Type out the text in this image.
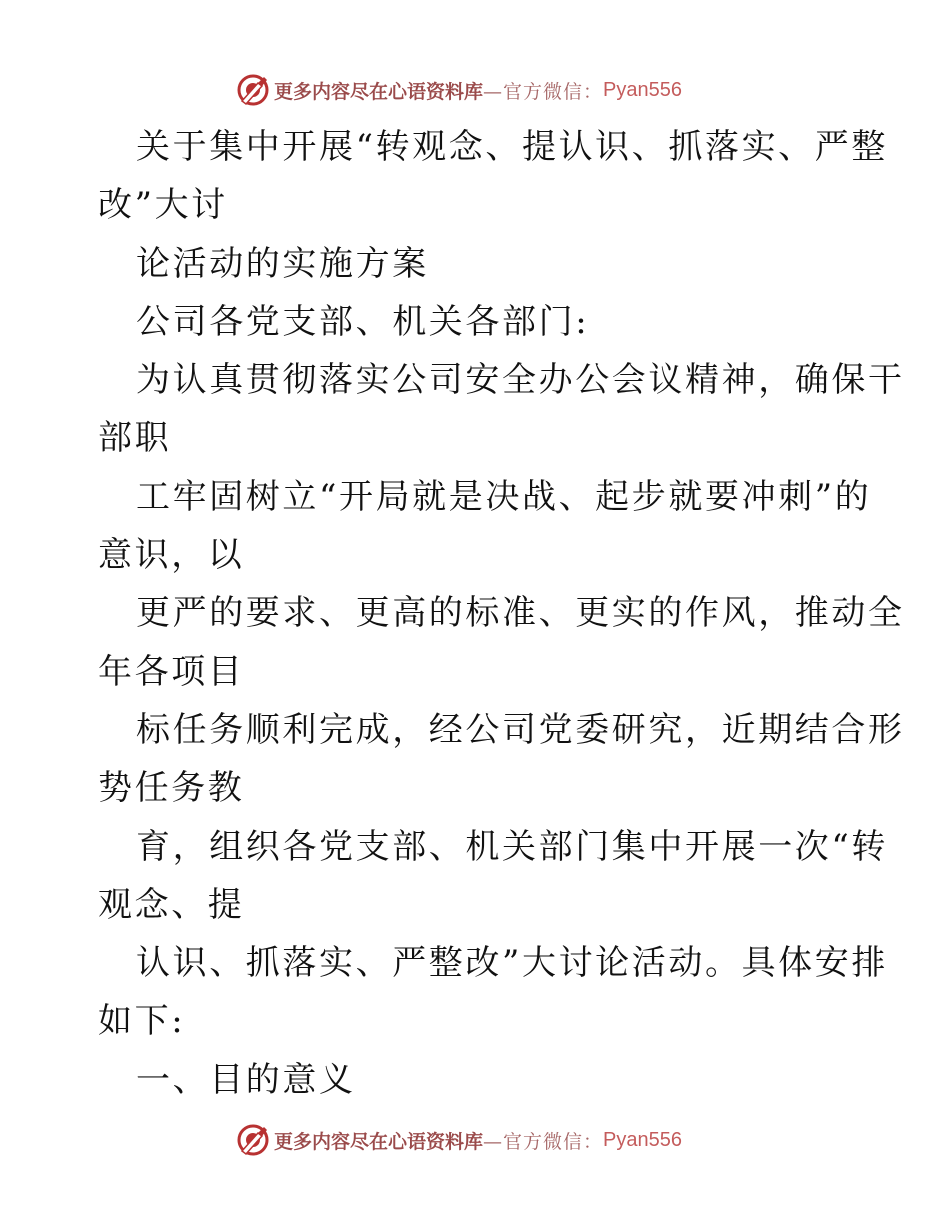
更多内容尽在心语资料库 —官方微信： Pyan556
关于集中开展“转观念、提认识、抓落实、严整
改”大讨
论活动的实施方案
公司各党支部、机关各部门:
为认真贯彻落实公司安全办公会议精神，确保干
部职
工牢固树立“开局就是决战、起步就要冲刺”的
意识，以
更严的要求、更高的标准、更实的作风，推动全
年各项目
标任务顺利完成，经公司党委研究，近期结合形
势任务教
育，组织各党支部、机关部门集中开展一次“转
观念、提
认识、抓落实、严整改”大讨论活动。具体安排
如下:
一、目的意义
更多内容尽在心语资料库 —官方微信： Pyan556
